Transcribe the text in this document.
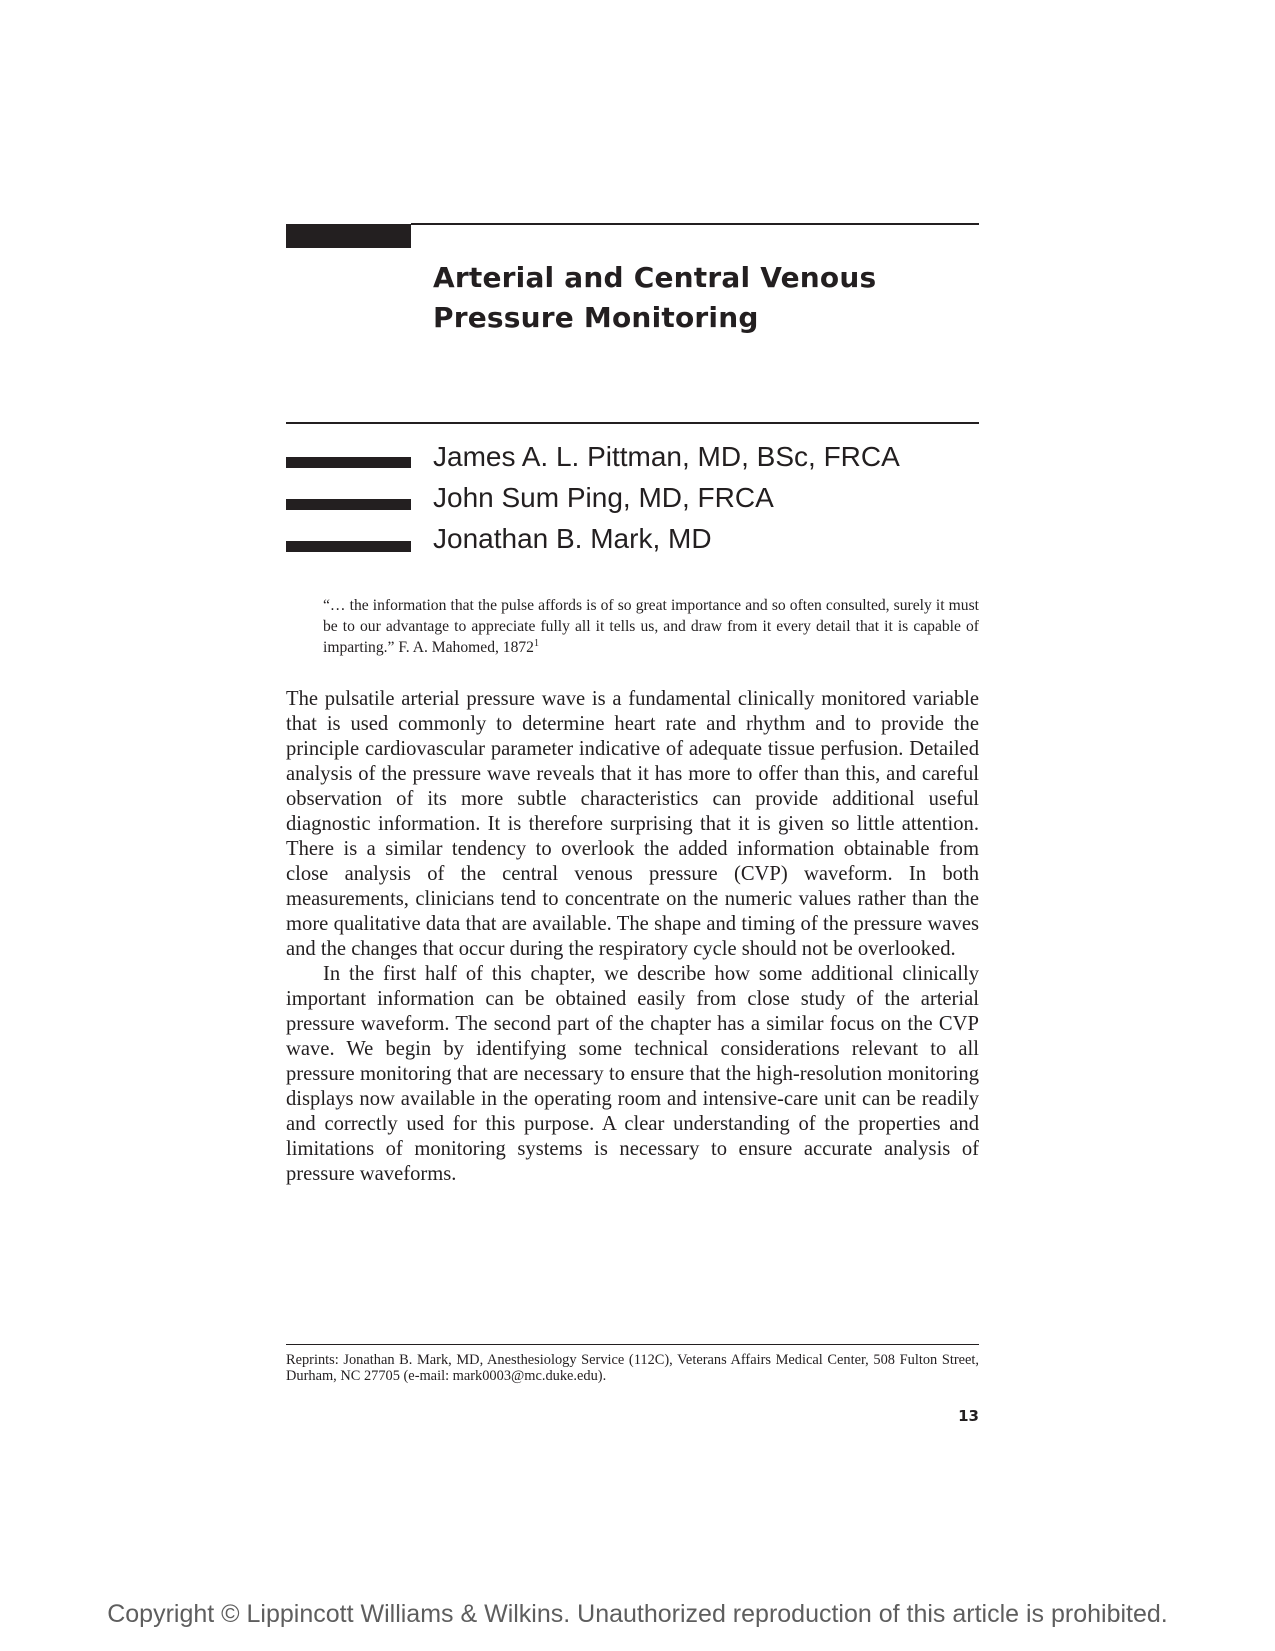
Arterial and Central Venous
Pressure Monitoring
James A. L. Pittman, MD, BSc, FRCA
John Sum Ping, MD, FRCA
Jonathan B. Mark, MD

“… the information that the pulse affords is of so great importance and so often consulted, surely it must be to our advantage to appreciate fully all it tells us, and draw from it every detail that it is capable of imparting.” F. A. Mahomed, 1872$^1$

The pulsatile arterial pressure wave is a fundamental clinically monitored variable that is used commonly to determine heart rate and rhythm and to provide the principle cardiovascular parameter indicative of adequate tissue perfusion. Detailed analysis of the pressure wave reveals that it has more to offer than this, and careful observation of its more subtle characteristics can provide additional useful diagnostic information. It is therefore surprising that it is given so little attention. There is a similar tendency to overlook the added information obtainable from close analysis of the central venous pressure (CVP) waveform. In both measurements, clinicians tend to concentrate on the numeric values rather than the more qualitative data that are available. The shape and timing of the pressure waves and the changes that occur during the respiratory cycle should not be overlooked.

In the first half of this chapter, we describe how some additional clinically important information can be obtained easily from close study of the arterial pressure waveform. The second part of the chapter has a similar focus on the CVP wave. We begin by identifying some technical considerations relevant to all pressure monitoring that are necessary to ensure that the high-resolution monitoring displays now available in the operating room and intensive-care unit can be readily and correctly used for this purpose. A clear understanding of the properties and limitations of monitoring systems is necessary to ensure accurate analysis of pressure waveforms.

Reprints: Jonathan B. Mark, MD, Anesthesiology Service (112C), Veterans Affairs Medical Center, 508 Fulton Street, Durham, NC 27705 (e-mail: mark0003@mc.duke.edu).

13

Copyright © Lippincott Williams & Wilkins. Unauthorized reproduction of this article is prohibited.
